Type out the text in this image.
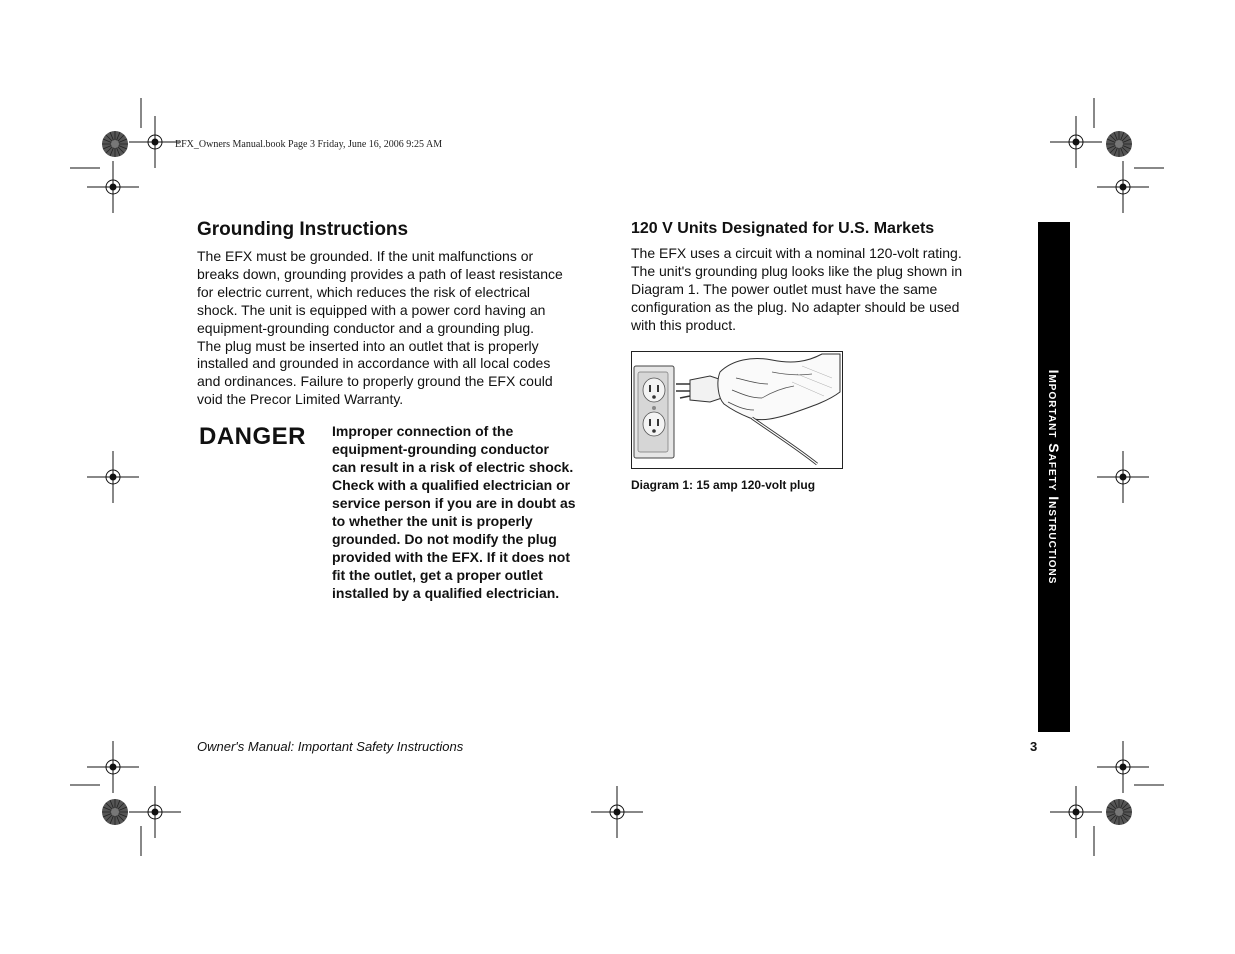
EFX_Owners Manual.book Page 3 Friday, June 16, 2006 9:25 AM
Grounding Instructions
The EFX must be grounded. If the unit malfunctions or
breaks down, grounding provides a path of least resistance
for electric current, which reduces the risk of electrical
shock. The unit is equipped with a power cord having an
equipment-grounding conductor and a grounding plug.
The plug must be inserted into an outlet that is properly
installed and grounded in accordance with all local codes
and ordinances. Failure to properly ground the EFX could
void the Precor Limited Warranty.
DANGER Improper connection of the
equipment-grounding conductor
can result in a risk of electric shock.
Check with a qualified electrician or
service person if you are in doubt as
to whether the unit is properly
grounded. Do not modify the plug
provided with the EFX. If it does not
fit the outlet, get a proper outlet
installed by a qualified electrician.
120 V Units Designated for U.S. Markets
The EFX uses a circuit with a nominal 120-volt rating.
The unit's grounding plug looks like the plug shown in
Diagram 1. The power outlet must have the same
configuration as the plug. No adapter should be used
with this product.
Diagram 1: 15 amp 120-volt plug	Important Safety Instructions
Owner's Manual: Important Safety Instructions	3
